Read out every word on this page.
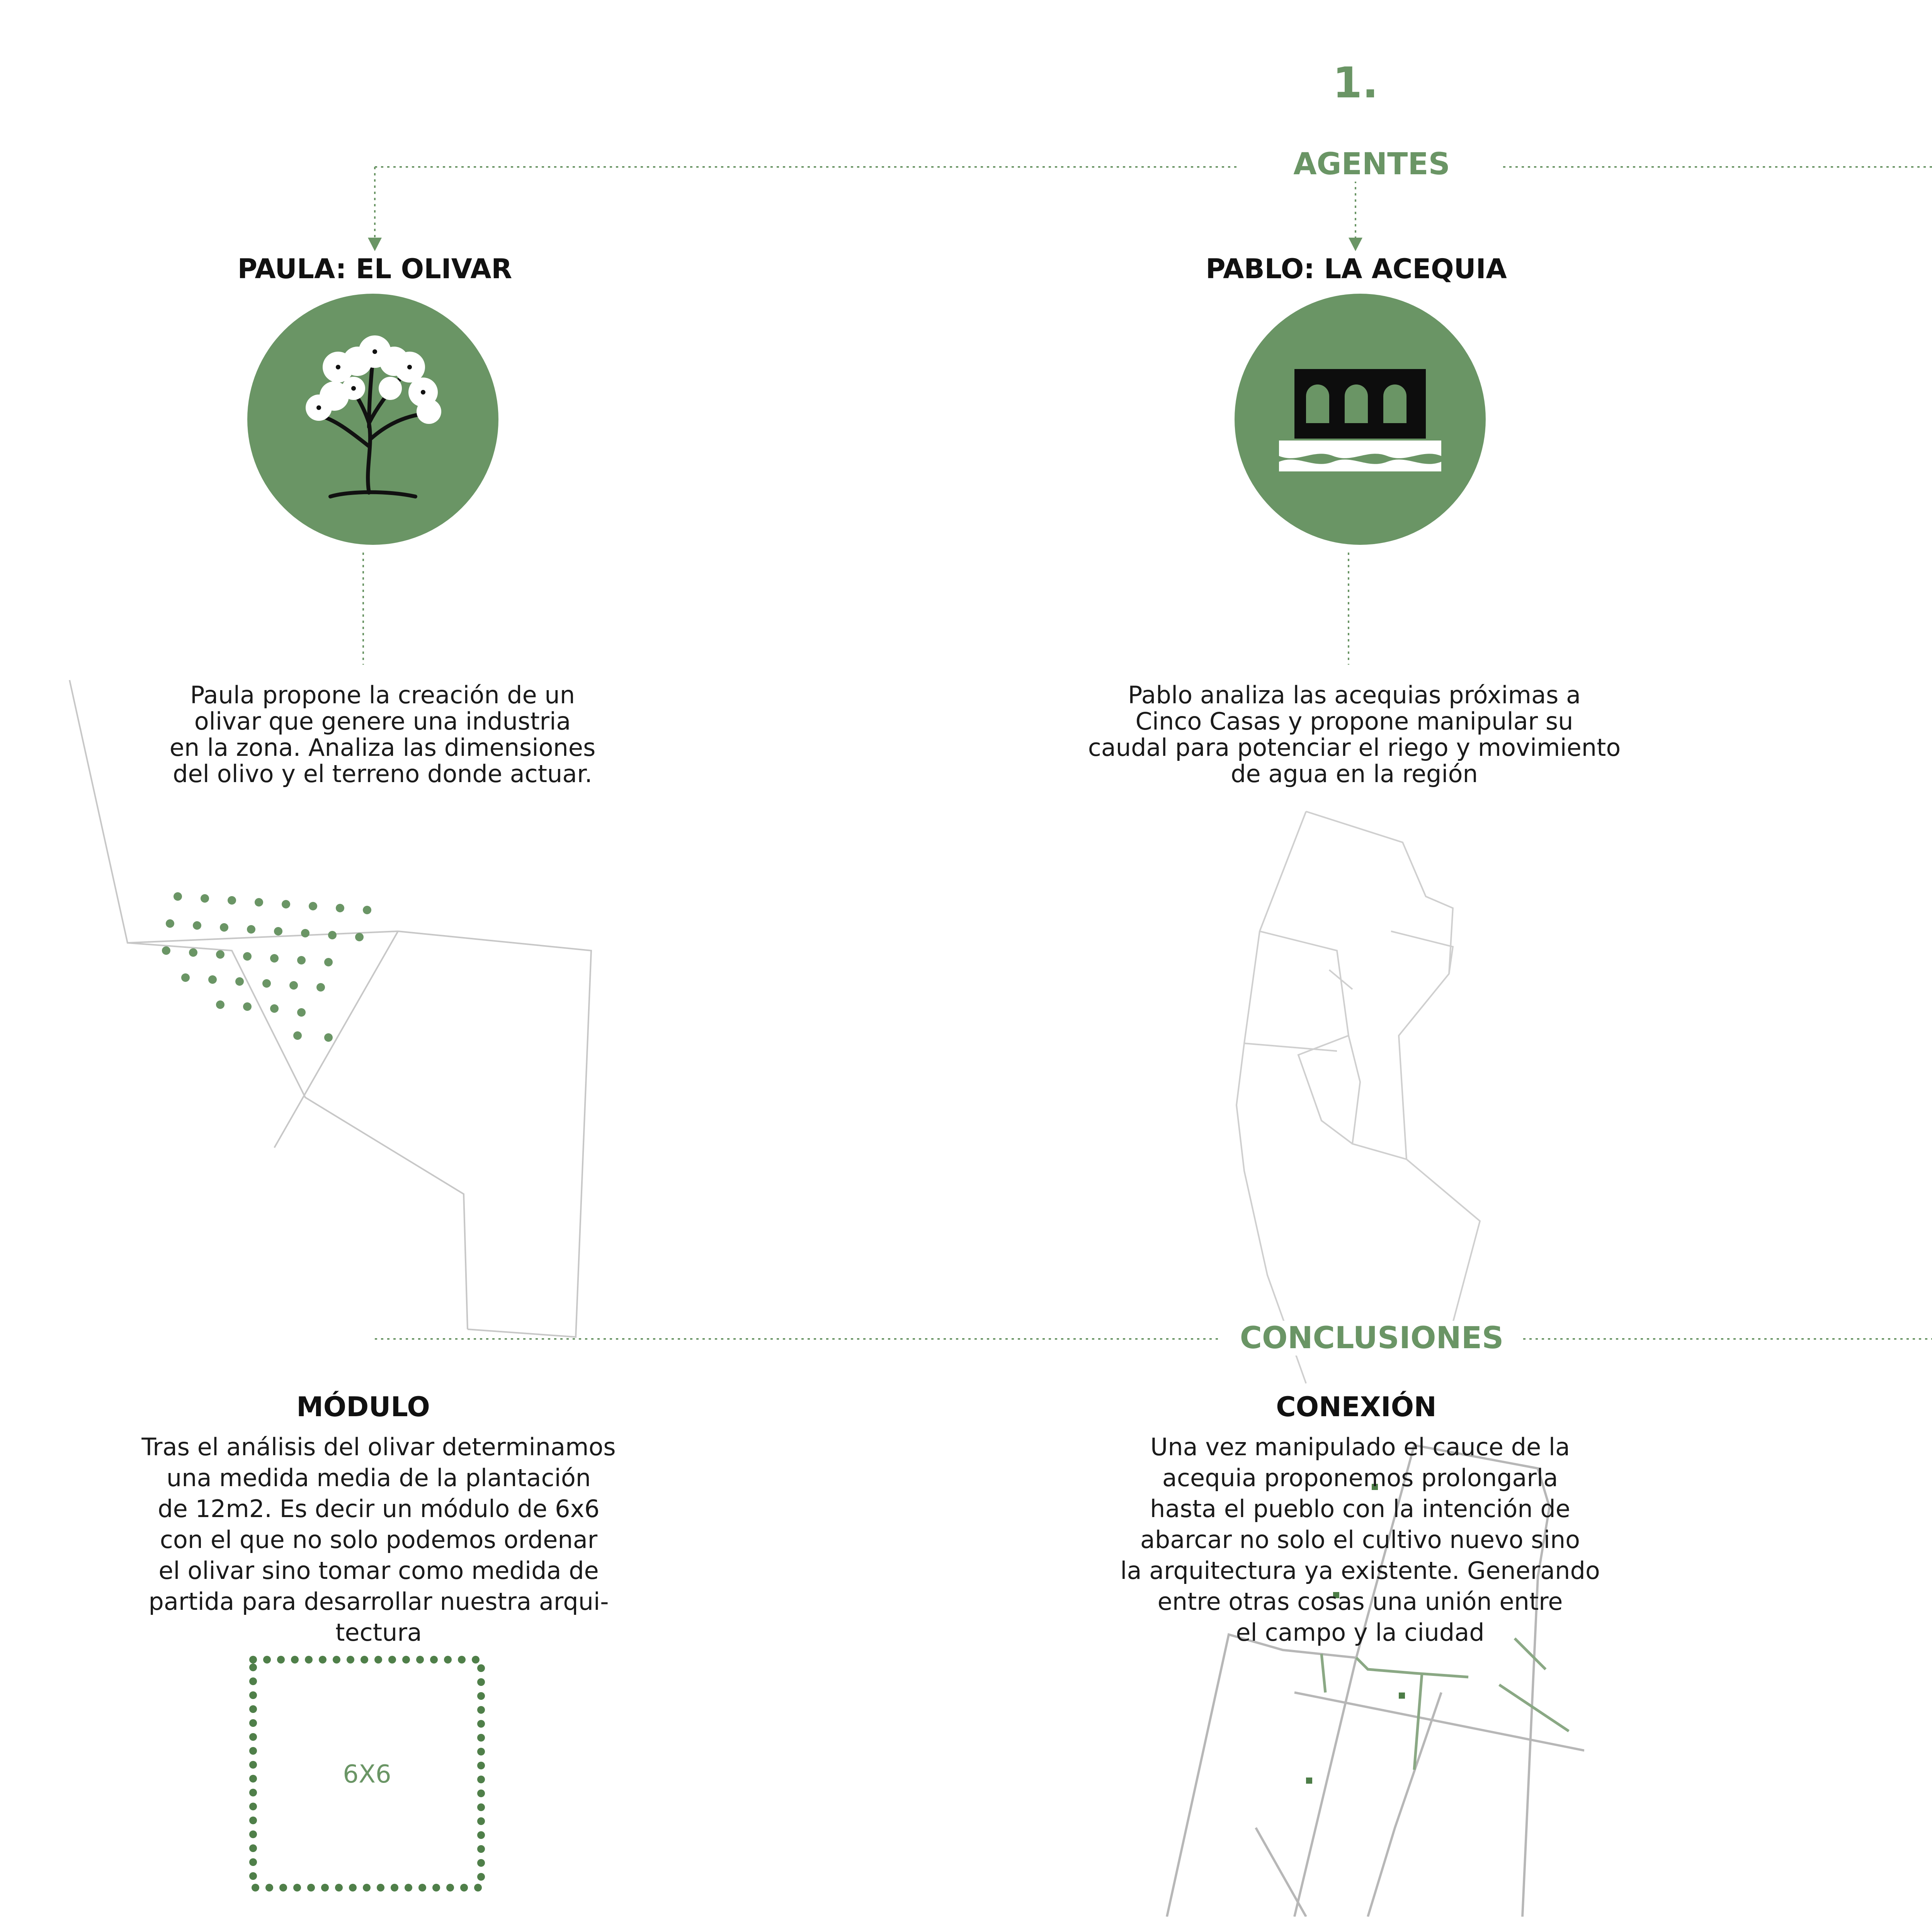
1.
AGENTES
PAULA: EL OLIVAR
Paula propone la creación de un
olivar que genere una industria
en la zona. Analiza las dimensiones
del olivo y el terreno donde actuar.
PABLO: LA ACEQUIA
Pablo analiza las acequias próximas a
Cinco Casas y propone manipular su
caudal para potenciar el riego y movimiento
de agua en la región
CONCLUSIONES
MÓDULO
Tras el análisis del olivar determinamos
una medida media de la plantación
de 12m2. Es decir un módulo de 6x6
con el que no solo podemos ordenar
el olivar sino tomar como medida de
partida para desarrollar nuestra arqui-
tectura
6X6
CONEXIÓN
Una vez manipulado el cauce de la
acequia proponemos prolongarla
hasta el pueblo con la intención de
abarcar no solo el cultivo nuevo sino
la arquitectura ya existente. Generando
entre otras cosas una unión entre
el campo y la ciudad
